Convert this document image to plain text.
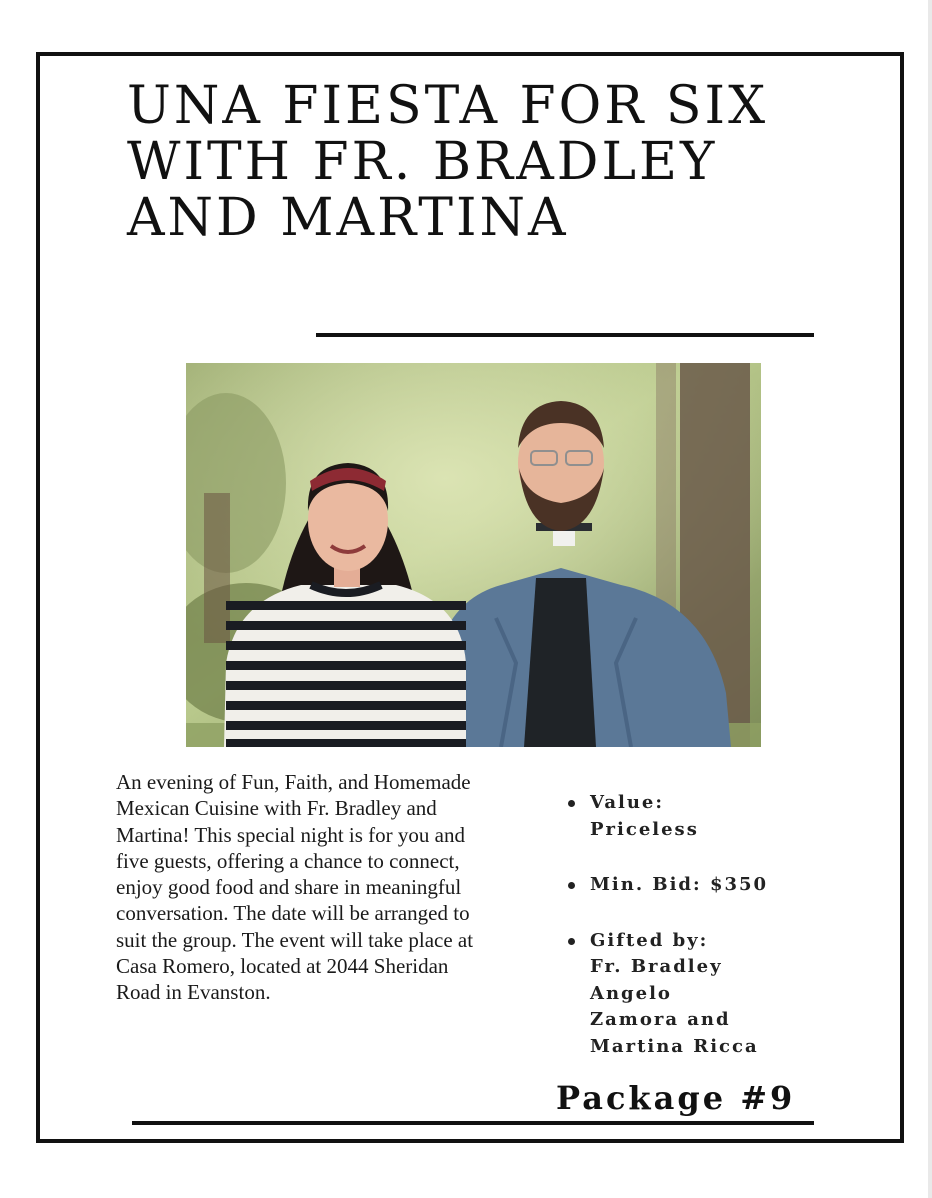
UNA FIESTA FOR SIX WITH FR. BRADLEY AND MARTINA

An evening of Fun, Faith, and Homemade Mexican Cuisine with Fr. Bradley and Martina! This special night is for you and five guests, offering a chance to connect, enjoy good food and share in meaningful conversation. The date will be arranged to suit the group. The event will take place at Casa Romero, located at 2044 Sheridan Road in Evanston.

Value:
Priceless
Min. Bid: $350
Gifted by:
Fr. Bradley Angelo Zamora and Martina Ricca
Package #9
